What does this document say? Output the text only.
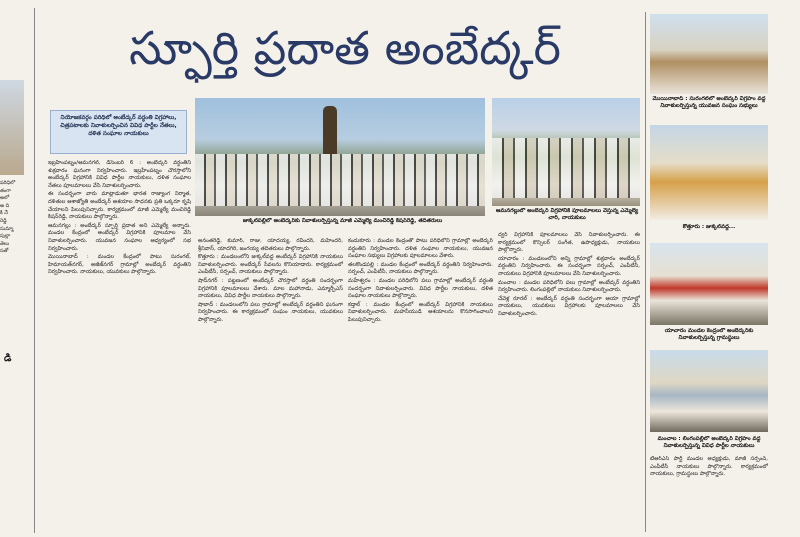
పరిధిలో
తంగా
అలో
ఆ ది
కి నే
రెడ్డి
సుమ్మా
పుల్లా
తెలు
సతో
డి
స్ఫూర్తి ప్రదాత అంబేద్కర్
నియోజకవర్గం పరిధిలో అంబేద్కర్ వర్ధంతి విగ్రహాలు, చిత్రపటాలకు నివాళులర్పించిన వివిధ పార్టీల నేతలు, దళిత సంఘాల నాయకులు
జుక్కల్‌పల్లిలో అంబేద్కర్‌కు నివాళులర్పిస్తున్న మాజీ ఎమ్మెల్యే మంచిరెడ్డి కిషన్‌రెడ్డి, తదితరులు
ఆమనగల్లులో అంబేద్కర్ విగ్రహానికి పూలమాలలు వేస్తున్న ఎమ్మెల్యే చారి, నాయకులు
మొయినాబాద్ : సురంగల్‌లో అంబేద్కర్ విగ్రహం వద్ద నివాళులర్పిస్తున్న యువజన సంఘం సభ్యులు
కొత్తూరు : జుక్కల్‌వద్ద...
యాచారం మండల కేంద్రంలో అంబేద్కర్‌కు నివాళులర్పిస్తున్న గ్రామస్థులు
మంచాల : లింగంపల్లిలో అంబేద్కర్ విగ్రహం వద్ద నివాళులర్పిస్తున్న వివిధ పార్టీల నాయకులు

ఇబ్రహీంపట్నం/ఆమనగల్, డిసెంబర్ 6 : అంబేద్కర్ వర్ధంతిని శుక్రవారం ఘనంగా నిర్వహించారు. ఇబ్రహీంపట్నం చౌరస్తాలోని అంబేద్కర్ విగ్రహానికి వివిధ పార్టీల నాయకులు, దళిత సంఘాల నేతలు పూలమాలలు వేసి నివాళులర్పించారు.

ఈ సందర్భంగా వారు మాట్లాడుతూ భారత రాజ్యాంగ నిర్మాత, దళితుల ఆశాజ్యోతి అంబేద్కర్ ఆశయాల సాధనకు ప్రతి ఒక్కరూ కృషి చేయాలని పిలుపునిచ్చారు. కార్యక్రమంలో మాజీ ఎమ్మెల్యే మంచిరెడ్డి కిషన్‌రెడ్డి, నాయకులు పాల్గొన్నారు.

ఆమనగల్లు : అంబేద్కర్ స్ఫూర్తి ప్రదాత అని ఎమ్మెల్యే అన్నారు. మండల కేంద్రంలో అంబేద్కర్ విగ్రహానికి పూలమాల వేసి నివాళులర్పించారు. యువజన సంఘాల ఆధ్వర్యంలో సభ నిర్వహించారు.

మొయినాబాద్ : మండల కేంద్రంలో పాటు సురంగల్, హిమాయత్‌నగర్, అజీజ్‌నగర్ గ్రామాల్లో అంబేద్కర్ వర్ధంతిని నిర్వహించారు. నాయకులు, యువకులు పాల్గొన్నారు.

అనంతరెడ్డి, కుమార్, రాజు, యాదయ్య, రవీందర్, మహేందర్, శ్రీనివాస్, యాదగిరి, జంగయ్య తదితరులు పాల్గొన్నారు.

కొత్తూరు : మండలంలోని జుక్కల్‌వద్ద అంబేద్కర్ విగ్రహానికి నాయకులు నివాళులర్పించారు. అంబేద్కర్ సేవలను కొనియాడారు. కార్యక్రమంలో ఎంపీటీసీ, సర్పంచ్, నాయకులు పాల్గొన్నారు.

షాద్‌నగర్ : పట్టణంలో అంబేద్కర్ చౌరస్తాలో వర్ధంతి సందర్భంగా విగ్రహానికి పూలమాలలు వేశారు. మాల మహానాడు, ఎమ్మార్పీఎస్ నాయకులు, వివిధ పార్టీల నాయకులు పాల్గొన్నారు.

షాబాద్ : మండలంలోని పలు గ్రామాల్లో అంబేద్కర్ వర్ధంతిని ఘనంగా నిర్వహించారు. ఈ కార్యక్రమంలో సంఘం నాయకులు, యువకులు పాల్గొన్నారు.

కందుకూరు : మండల కేంద్రంతో పాటు పరిధిలోని గ్రామాల్లో అంబేద్కర్ వర్ధంతిని నిర్వహించారు. దళిత సంఘాల నాయకులు, యువజన సంఘాల సభ్యులు విగ్రహాలకు పూలమాలలు వేశారు.

తలకొండపల్లి : మండల కేంద్రంలో అంబేద్కర్ వర్ధంతిని నిర్వహించారు. సర్పంచ్, ఎంపీటీసీ, నాయకులు పాల్గొన్నారు.

మహేశ్వరం : మండల పరిధిలోని పలు గ్రామాల్లో అంబేద్కర్ వర్ధంతి సందర్భంగా నివాళులర్పించారు. వివిధ పార్టీల నాయకులు, దళిత సంఘాల నాయకులు పాల్గొన్నారు.

కడ్తాల్ : మండల కేంద్రంలో అంబేద్కర్ విగ్రహానికి నాయకులు నివాళులర్పించారు. మహనీయుడి ఆశయాలను కొనసాగించాలని పిలుపునిచ్చారు.

ద్వర్ విగ్రహానికి పూలమాలలు వేసి నివాళులర్పించారు. ఈ కార్యక్రమంలో కౌన్సిలర్ సంగీత, ఉపాధ్యక్షుడు, నాయకులు పాల్గొన్నారు.

యాచారం : మండలంలోని అన్ని గ్రామాల్లో శుక్రవారం అంబేద్కర్ వర్ధంతిని నిర్వహించారు. ఈ సందర్భంగా సర్పంచ్, ఎంపీటీసీ, నాయకులు విగ్రహానికి పూలమాలలు వేసి నివాళులర్పించారు.

మంచాల : మండల పరిధిలోని పలు గ్రామాల్లో అంబేద్కర్ వర్ధంతిని నిర్వహించారు. లింగంపల్లిలో నాయకులు నివాళులర్పించారు.

చేవెళ్ల రూరల్ : అంబేద్కర్ వర్ధంతి సందర్భంగా ఆయా గ్రామాల్లో నాయకులు, యువకులు విగ్రహాలకు పూలమాలలు వేసి నివాళులర్పించారు.

టీఆర్‌ఎస్ పార్టీ మండల అధ్యక్షుడు, మాజీ సర్పంచ్, ఎంపీటీసీ నాయకులు పాల్గొన్నారు. కార్యక్రమంలో నాయకులు, గ్రామస్థులు పాల్గొన్నారు.
